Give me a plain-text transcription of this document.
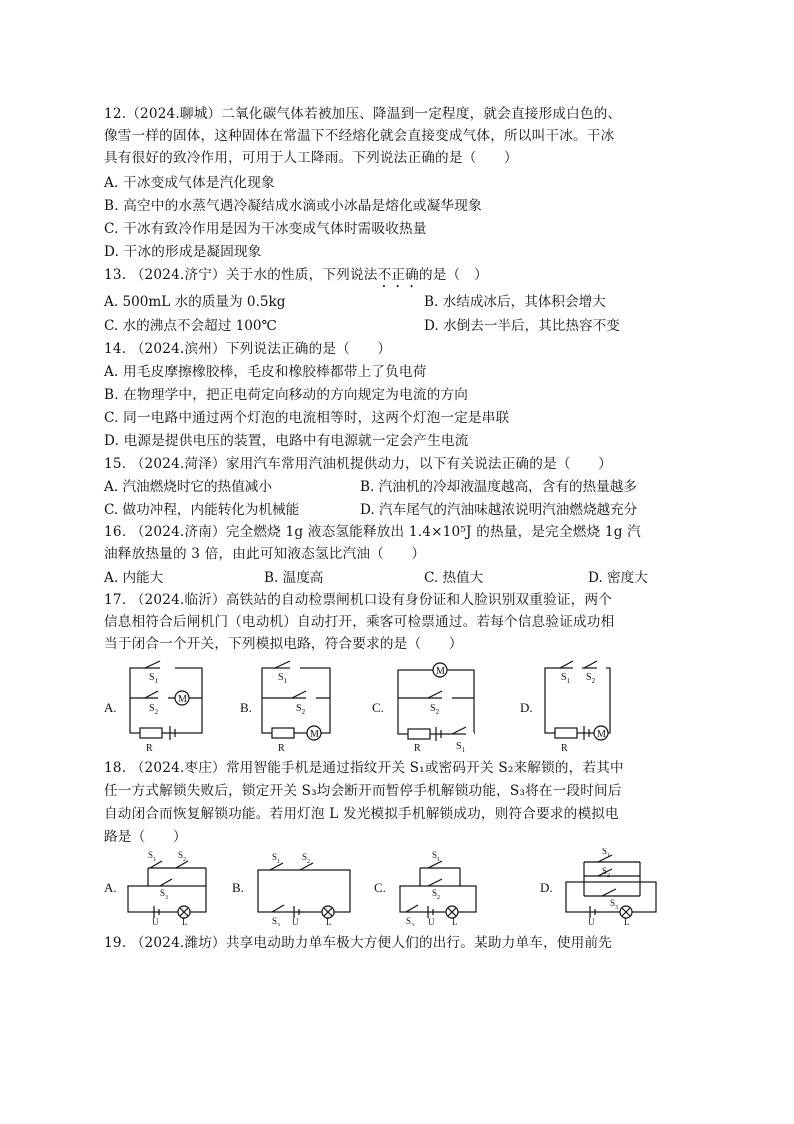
12.（2024.聊城）二氧化碳气体若被加压、降温到一定程度，就会直接形成白色的、
像雪一样的固体，这种固体在常温下不经熔化就会直接变成气体，所以叫干冰。干冰
具有很好的致冷作用，可用于人工降雨。下列说法正确的是（　　）
A. 干冰变成气体是汽化现象
B. 高空中的水蒸气遇冷凝结成水滴或小冰晶是熔化或凝华现象
C. 干冰有致冷作用是因为干冰变成气体时需吸收热量
D. 干冰的形成是凝固现象
13. （2024.济宁）关于水的性质，下列说法不正确的是（　）
A. 500mL 水的质量为 0.5kg	B. 水结成冰后，其体积会增大
C. 水的沸点不会超过 100℃	D. 水倒去一半后，其比热容不变
14. （2024.滨州）下列说法正确的是（　　）
A. 用毛皮摩擦橡胶棒，毛皮和橡胶棒都带上了负电荷
B. 在物理学中，把正电荷定向移动的方向规定为电流的方向
C. 同一电路中通过两个灯泡的电流相等时，这两个灯泡一定是串联
D. 电源是提供电压的装置，电路中有电源就一定会产生电流
15. （2024.菏泽）家用汽车常用汽油机提供动力，以下有关说法正确的是（　　）
A. 汽油燃烧时它的热值减小	B. 汽油机的冷却液温度越高，含有的热量越多
C. 做功冲程，内能转化为机械能	D. 汽车尾气的汽油味越浓说明汽油燃烧越充分
16. （2024.济南）完全燃烧 1g 液态氢能释放出 1.4×10⁵J 的热量，是完全燃烧 1g 汽
油释放热量的 3 倍，由此可知液态氢比汽油（　　）
A. 内能大	B. 温度高	C. 热值大	D. 密度大
17. （2024.临沂）高铁站的自动检票闸机口设有身份证和人脸识别双重验证，两个
信息相符合后闸机门（电动机）自动打开，乘客可检票通过。若每个信息验证成功相
当于闭合一个开关，下列模拟电路，符合要求的是（　　）
M
M
M
M
R	R	R	R
$S_1$
$S_2$
$S_1$
$S_2$	$S_2$
$S_1$
$S_1$ $S_2$
A.	B.	C.	D.
18. （2024.枣庄）常用智能手机是通过指纹开关 S₁或密码开关 S₂来解锁的，若其中
任一方式解锁失败后，锁定开关 S₃均会断开而暂停手机解锁功能，S₃将在一段时间后
自动闭合而恢复解锁功能。若用灯泡 L 发光模拟手机解锁成功，则符合要求的模拟电
路是（　　）
$S_1$ $S_2$
$S_3$
U	L
$S_1$ $S_2$
$S_3$ U	L
$S_1$
$S_2$
$S_3$ U L
$S_1$
$S_2$
$S_3$
U	L
A.	B.	C.	D.
19. （2024.潍坊）共享电动助力单车极大方便人们的出行。某助力单车，使用前先
